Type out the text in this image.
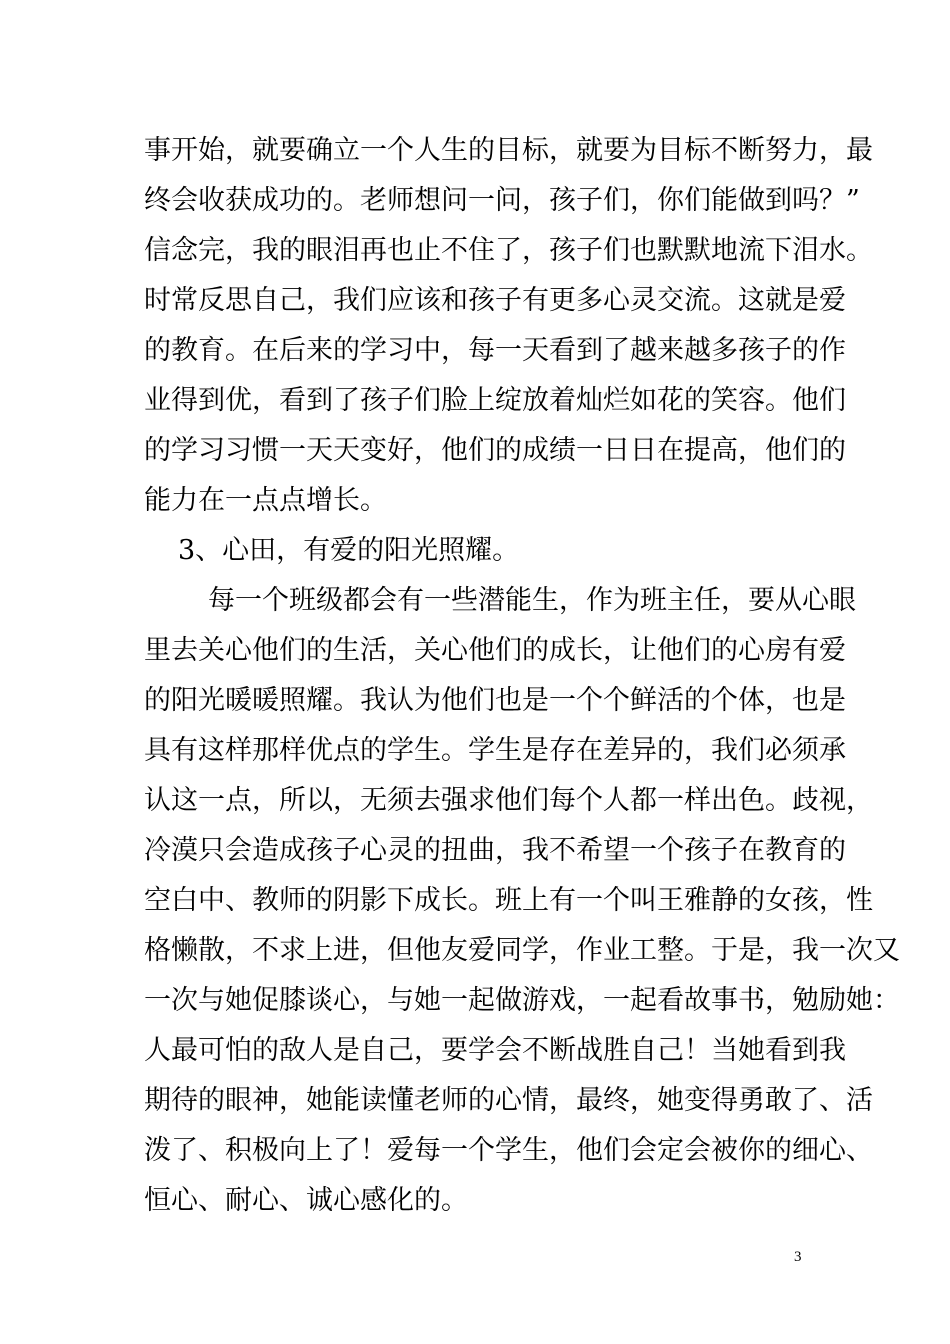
事开始，就要确立一个人生的目标，就要为目标不断努力，最
终会收获成功的。老师想问一问，孩子们，你们能做到吗？”
信念完，我的眼泪再也止不住了，孩子们也默默地流下泪水。
时常反思自己，我们应该和孩子有更多心灵交流。这就是爱
的教育。在后来的学习中，每一天看到了越来越多孩子的作
业得到优，看到了孩子们脸上绽放着灿烂如花的笑容。他们
的学习习惯一天天变好，他们的成绩一日日在提高，他们的
能力在一点点增长。
3、心田，有爱的阳光照耀。
每一个班级都会有一些潜能生，作为班主任，要从心眼
里去关心他们的生活，关心他们的成长，让他们的心房有爱
的阳光暖暖照耀。我认为他们也是一个个鲜活的个体，也是
具有这样那样优点的学生。学生是存在差异的，我们必须承
认这一点，所以，无须去强求他们每个人都一样出色。歧视，
冷漠只会造成孩子心灵的扭曲，我不希望一个孩子在教育的
空白中、教师的阴影下成长。班上有一个叫王雅静的女孩，性
格懒散，不求上进，但他友爱同学，作业工整。于是，我一次又
一次与她促膝谈心，与她一起做游戏，一起看故事书，勉励她：
人最可怕的敌人是自己，要学会不断战胜自己！当她看到我
期待的眼神，她能读懂老师的心情，最终，她变得勇敢了、活
泼了、积极向上了！爱每一个学生，他们会定会被你的细心、
恒心、耐心、诚心感化的。
3
